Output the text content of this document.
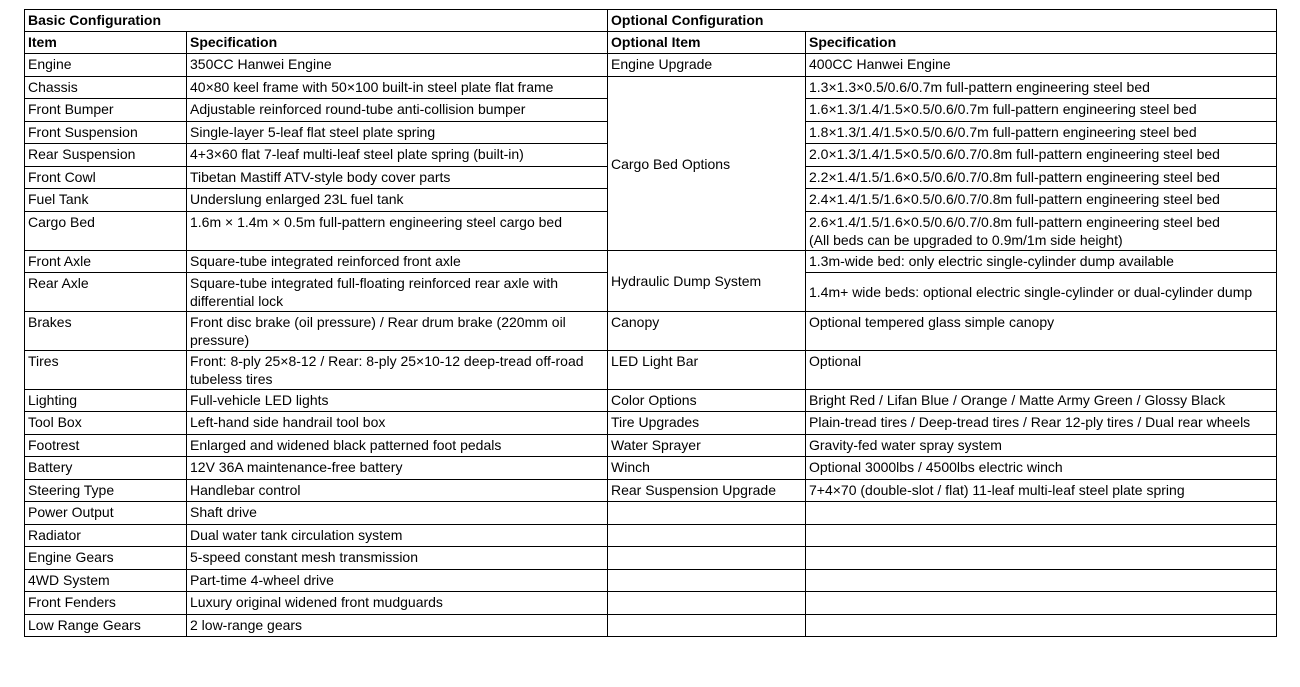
Basic Configuration		Optional Configuration	
Item	Specification	Optional Item	Specification
Engine	350CC Hanwei Engine	Engine Upgrade	400CC Hanwei Engine
Chassis	40×80 keel frame with 50×100 built-in steel plate flat frame	Cargo Bed Options	1.3×1.3×0.5/0.6/0.7m full-pattern engineering steel bed
Front Bumper	Adjustable reinforced round-tube anti-collision bumper		1.6×1.3/1.4/1.5×0.5/0.6/0.7m full-pattern engineering steel bed
Front Suspension	Single-layer 5-leaf flat steel plate spring		1.8×1.3/1.4/1.5×0.5/0.6/0.7m full-pattern engineering steel bed
Rear Suspension	4+3×60 flat 7-leaf multi-leaf steel plate spring (built-in)		2.0×1.3/1.4/1.5×0.5/0.6/0.7/0.8m full-pattern engineering steel bed
Front Cowl	Tibetan Mastiff ATV-style body cover parts		2.2×1.4/1.5/1.6×0.5/0.6/0.7/0.8m full-pattern engineering steel bed
Fuel Tank	Underslung enlarged 23L fuel tank		2.4×1.4/1.5/1.6×0.5/0.6/0.7/0.8m full-pattern engineering steel bed
Cargo Bed	1.6m × 1.4m × 0.5m full-pattern engineering steel cargo bed		2.6×1.4/1.5/1.6×0.5/0.6/0.7/0.8m full-pattern engineering steel bed
(All beds can be upgraded to 0.9m/1m side height)

Front Axle	Square-tube integrated reinforced front axle	Hydraulic Dump System	1.3m-wide bed: only electric single-cylinder dump available
Rear Axle	Square-tube integrated full-floating reinforced rear axle with differential lock		1.4m+ wide beds: optional electric single-cylinder or dual-cylinder dump
Brakes	Front disc brake (oil pressure) / Rear drum brake (220mm oil pressure)	Canopy	Optional tempered glass simple canopy
Tires	Front: 8-ply 25×8-12 / Rear: 8-ply 25×10-12 deep-tread off-road tubeless tires	LED Light Bar	Optional
Lighting	Full-vehicle LED lights	Color Options	Bright Red / Lifan Blue / Orange / Matte Army Green / Glossy Black
Tool Box	Left-hand side handrail tool box	Tire Upgrades	Plain-tread tires / Deep-tread tires / Rear 12-ply tires / Dual rear wheels
Footrest	Enlarged and widened black patterned foot pedals	Water Sprayer	Gravity-fed water spray system
Battery	12V 36A maintenance-free battery	Winch	Optional 3000lbs / 4500lbs electric winch
Steering Type	Handlebar control	Rear Suspension Upgrade	7+4×70 (double-slot / flat) 11-leaf multi-leaf steel plate spring
Power Output	Shaft drive		
Radiator	Dual water tank circulation system		
Engine Gears	5-speed constant mesh transmission		
4WD System	Part-time 4-wheel drive		
Front Fenders	Luxury original widened front mudguards		
Low Range Gears	2 low-range gears		
